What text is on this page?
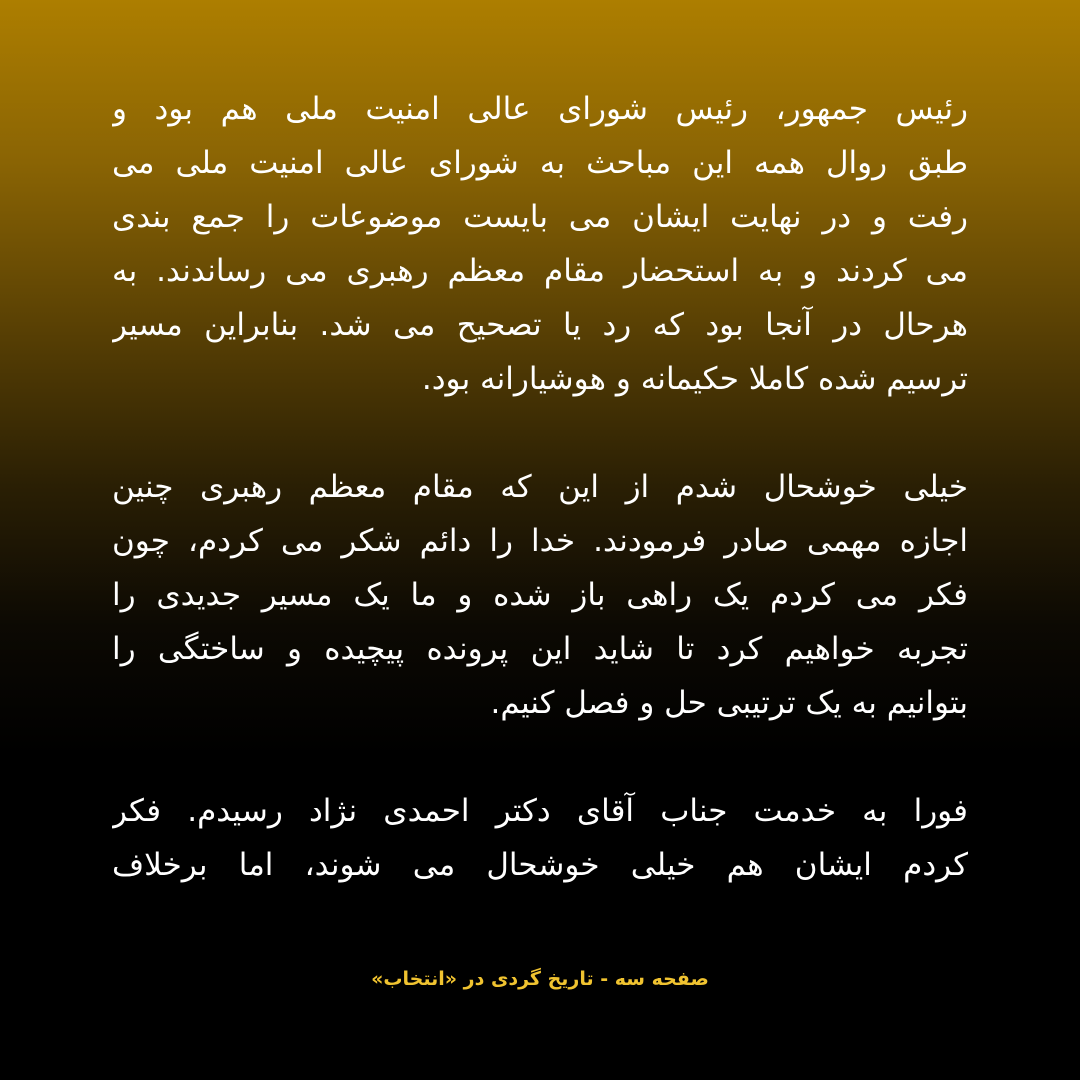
رئیس جمهور، رئیس شورای عالی امنیت ملی هم بود و
طبق روال همه این مباحث به شورای عالی امنیت ملی می
رفت و در نهایت ایشان می بایست موضوعات را جمع بندی
می کردند و به استحضار مقام معظم رهبری می رساندند. به
هرحال در آنجا بود که رد یا تصحیح می شد. بنابراین مسیر
ترسیم شده کاملا حکیمانه و هوشیارانه بود.
خیلی خوشحال شدم از این که مقام معظم رهبری چنین
اجازه مهمی صادر فرمودند. خدا را دائم شکر می کردم، چون
فکر می کردم یک راهی باز شده و ما یک مسیر جدیدی را
تجربه خواهیم کرد تا شاید این پرونده پیچیده و ساختگی را
بتوانیم به یک ترتیبی حل و فصل کنیم.
فورا به خدمت جناب آقای دکتر احمدی نژاد رسیدم. فکر
کردم ایشان هم خیلی خوشحال می شوند، اما برخلاف
صفحه سه - تاریخ گردی در «انتخاب»
